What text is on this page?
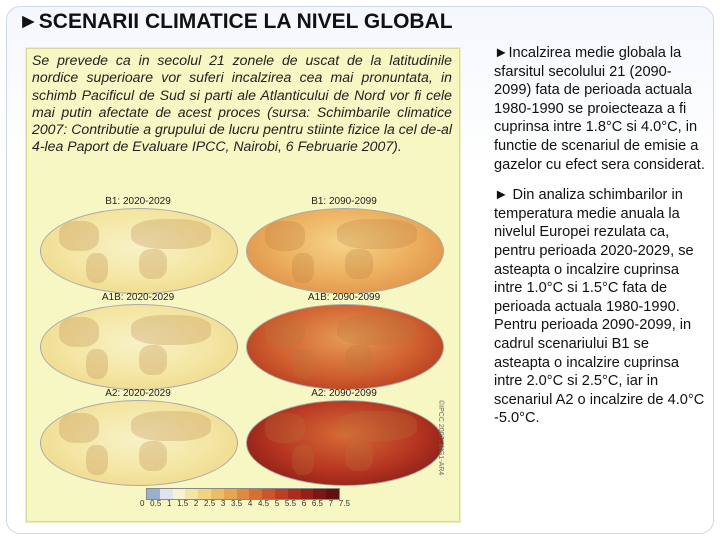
►SCENARII CLIMATICE LA NIVEL GLOBAL

Se prevede ca in secolul 21 zonele de uscat de la latitudinile nordice superioare vor suferi incalzirea cea mai pronuntata, in schimb Pacificul de Sud si parti ale Atlanticului de Nord vor fi cele mai putin afectate de acest proces (sursa: Schimbarile climatice 2007: Contributie a grupului de lucru pentru stiinte fizice la cel de-al 4-lea Paport de Evaluare IPCC, Nairobi, 6 Februarie 2007).

B1: 2020-2029	B1: 2090-2099
A1B: 2020-2029	A1B: 2090-2099
A2: 2020-2029	A2: 2090-2099
0 0.5 1 1.5 2 2.5 3 3.5 4 4.5 5 5.5 6 6.5 7 7.5
©IPCC 2007: WG1-AR4

►Incalzirea medie globala la sfarsitul secolului 21 (2090-2099) fata de perioada actuala 1980-1990 se proiecteaza a fi cuprinsa intre 1.8°C si 4.0°C, in functie de scenariul de emisie a gazelor cu efect sera considerat.

► Din analiza schimbarilor in temperatura medie anuala la nivelul Europei rezulata ca, pentru perioada 2020-2029, se asteapta o incalzire cuprinsa intre 1.0°C si 1.5°C fata de perioada actuala 1980-1990. Pentru perioada 2090-2099, in cadrul scenariului B1 se asteapta o incalzire cuprinsa intre 2.0°C si 2.5°C, iar in scenariul A2 o incalzire de 4.0°C -5.0°C.
